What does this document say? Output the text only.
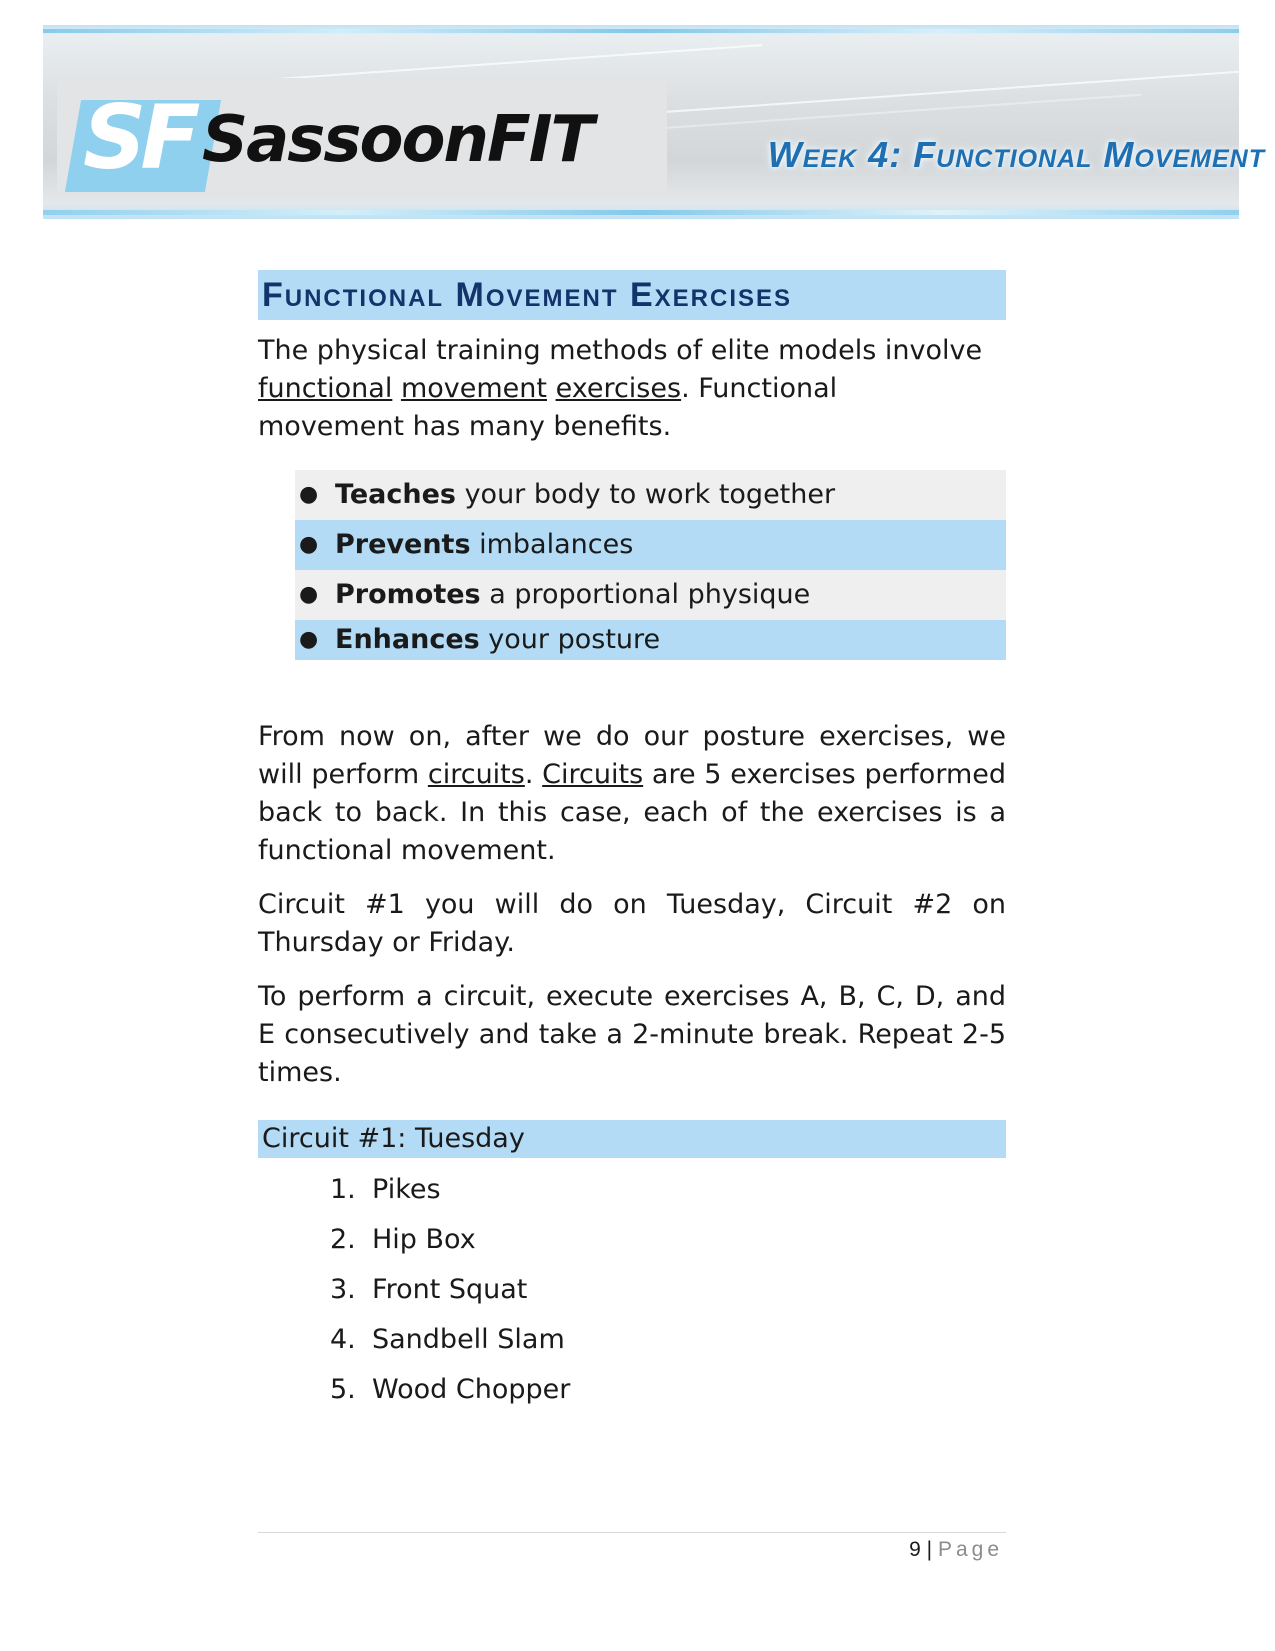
SF SassoonFIT	Week 4: Functional Movement
Functional Movement Exercises

The physical training methods of elite models involve

functional movement exercises. Functional

movement has many benefits.

● Teaches your body to work together
● Prevents imbalances
● Promotes a proportional physique
● Enhances your posture

From now on, after we do our posture exercises, we will perform circuits. Circuits are 5 exercises performed back to back. In this case, each of the exercises is a functional movement.

Circuit #1 you will do on Tuesday, Circuit #2 on Thursday or Friday.

To perform a circuit, execute exercises A, B, C, D, and E consecutively and take a 2-minute break. Repeat 2-5 times.

Circuit #1: Tuesday
1. Pikes
2. Hip Box
3. Front Squat
4. Sandbell Slam
5. Wood Chopper
9 | Page
